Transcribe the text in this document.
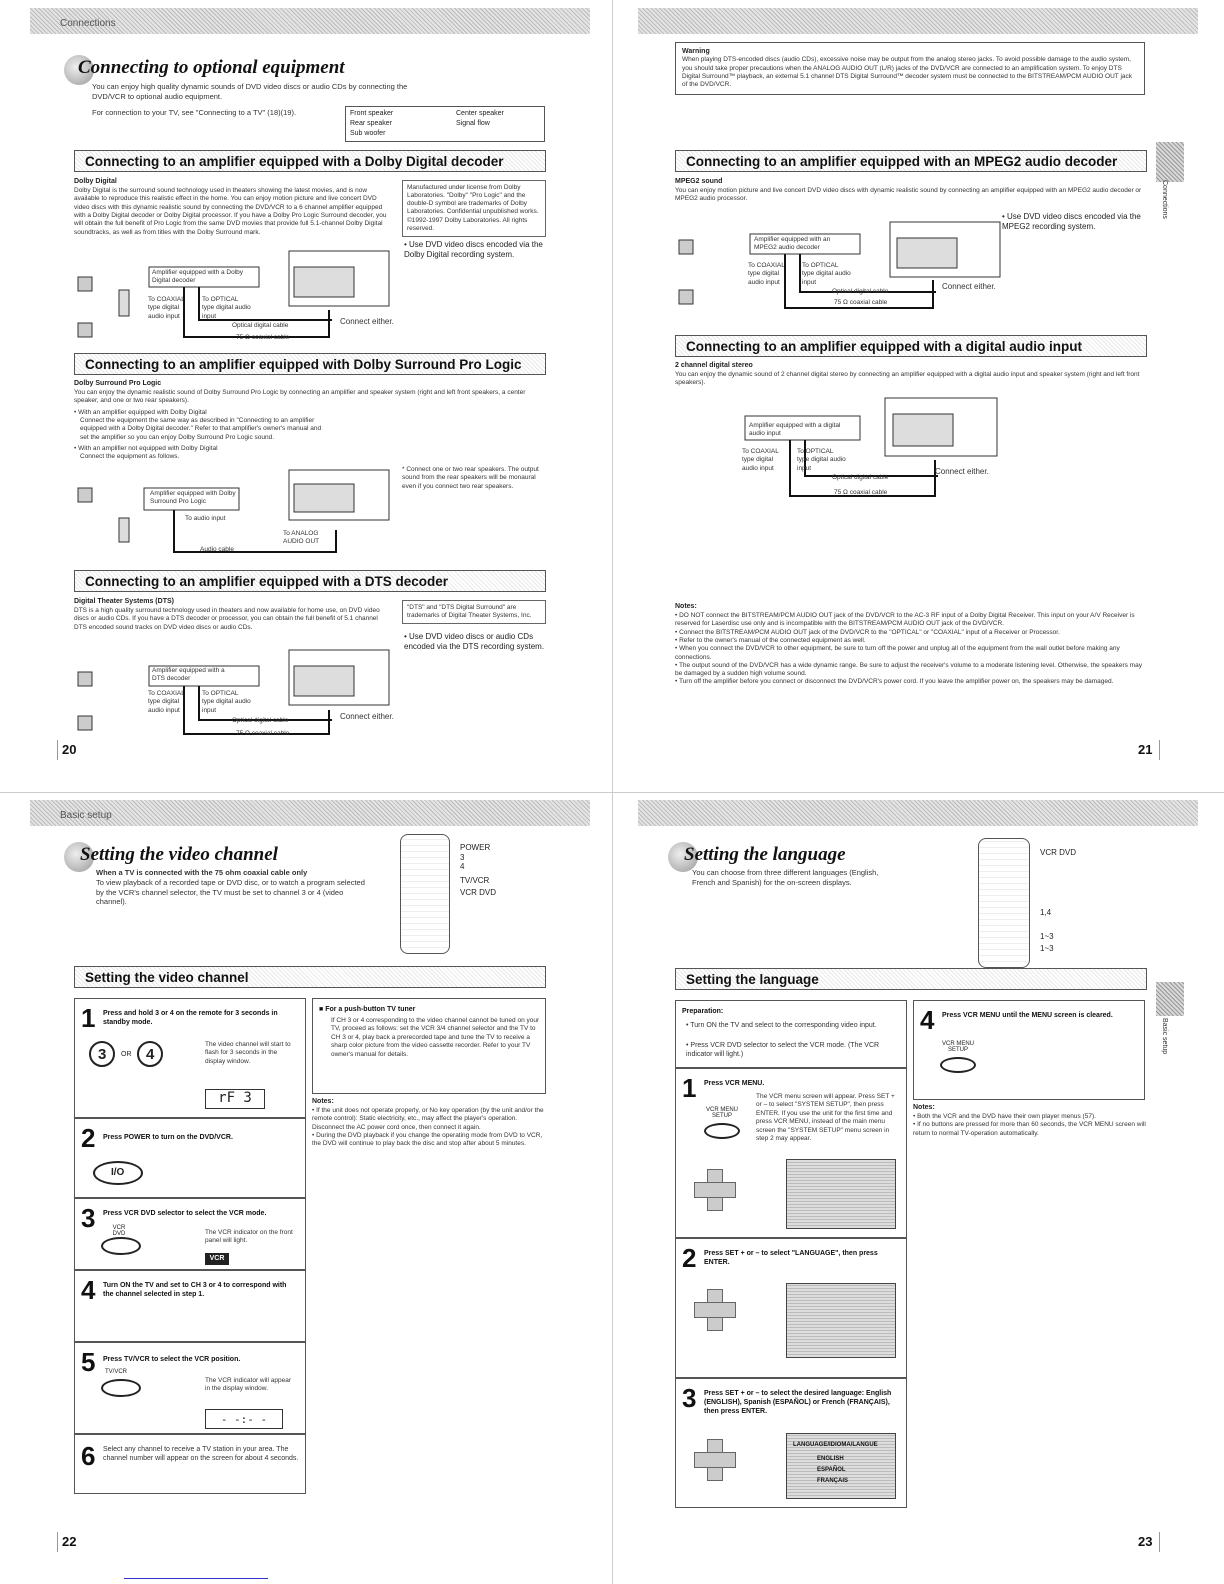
Connections
Connecting to optional equipment
You can enjoy high quality dynamic sounds of DVD video discs or audio CDs by connecting the DVD/VCR to optional audio equipment.
For connection to your TV, see "Connecting to a TV" (18)(19).	Front speaker
Rear speaker
Sub woofer
Center speaker
Signal flow
Connecting to an amplifier equipped with a Dolby Digital decoder
Dolby Digital
Dolby Digital is the surround sound technology used in theaters showing the latest movies, and is now available to reproduce this realistic effect in the home. You can enjoy motion picture and live concert DVD video discs with this dynamic realistic sound by connecting the DVD/VCR to a 6 channel amplifier equipped with a Dolby Digital decoder or Dolby Digital processor. If you have a Dolby Pro Logic Surround decoder, you will obtain the full benefit of Pro Logic from the same DVD movies that provide full 5.1-channel Dolby Digital soundtracks, as well as from titles with the Dolby Surround mark.
Manufactured under license from Dolby Laboratories. "Dolby" "Pro Logic" and the double-D symbol are trademarks of Dolby Laboratories. Confidential unpublished works. ©1992-1997 Dolby Laboratories. All rights reserved.
• Use DVD video discs encoded via the Dolby Digital recording system.
Amplifier equipped with a Dolby Digital decoder
To COAXIAL type digital audio input
To OPTICAL type digital audio input
Optical digital cable
75 Ω coaxial cable
Connect either.
Connecting to an amplifier equipped with Dolby Surround Pro Logic
Dolby Surround Pro Logic
You can enjoy the dynamic realistic sound of Dolby Surround Pro Logic by connecting an amplifier and speaker system (right and left front speakers, a center speaker, and one or two rear speakers).
• With an amplifier equipped with Dolby Digital
Connect the equipment the same way as described in "Connecting to an amplifier equipped with a Dolby Digital decoder." Refer to that amplifier's owner's manual and set the amplifier so you can enjoy Dolby Surround Pro Logic sound.
• With an amplifier not equipped with Dolby Digital
Connect the equipment as follows.
* Connect one or two rear speakers. The output sound from the rear speakers will be monaural even if you connect two rear speakers.
Amplifier equipped with Dolby Surround Pro Logic
To audio input
To ANALOG AUDIO OUT
Audio cable
Connecting to an amplifier equipped with a DTS decoder
Digital Theater Systems (DTS)
DTS is a high quality surround technology used in theaters and now available for home use, on DVD video discs or audio CDs. If you have a DTS decoder or processor, you can obtain the full benefit of 5.1 channel DTS encoded sound tracks on DVD video discs or audio CDs.
"DTS" and "DTS Digital Surround" are trademarks of Digital Theater Systems, Inc.
• Use DVD video discs or audio CDs encoded via the DTS recording system.
Amplifier equipped with a DTS decoder
To COAXIAL type digital audio input
To OPTICAL type digital audio input
Optical digital cable
75 Ω coaxial cable
Connect either.
20
Warning
When playing DTS-encoded discs (audio CDs), excessive noise may be output from the analog stereo jacks. To avoid possible damage to the audio system, you should take proper precautions when the ANALOG AUDIO OUT (L/R) jacks of the DVD/VCR are connected to an amplification system. To enjoy DTS Digital Surround™ playback, an external 5.1 channel DTS Digital Surround™ decoder system must be connected to the BITSTREAM/PCM AUDIO OUT jack of the DVD/VCR.
Connections
Connecting to an amplifier equipped with an MPEG2 audio decoder
MPEG2 sound
You can enjoy motion picture and live concert DVD video discs with dynamic realistic sound by connecting an amplifier equipped with an MPEG2 audio decoder or MPEG2 audio processor.
• Use DVD video discs encoded via the MPEG2 recording system.
Amplifier equipped with an MPEG2 audio decoder
To COAXIAL type digital audio input
To OPTICAL type digital audio input
Optical digital cable
75 Ω coaxial cable
Connect either.
Connecting to an amplifier equipped with a digital audio input
2 channel digital stereo
You can enjoy the dynamic sound of 2 channel digital stereo by connecting an amplifier equipped with a digital audio input and speaker system (right and left front speakers).
Amplifier equipped with a digital audio input
To COAXIAL type digital audio input
To OPTICAL type digital audio input
Optical digital cable
75 Ω coaxial cable
Connect either.
Notes:
• DO NOT connect the BITSTREAM/PCM AUDIO OUT jack of the DVD/VCR to the AC-3 RF input of a Dolby Digital Receiver. This input on your A/V Receiver is reserved for Laserdisc use only and is incompatible with the BITSTREAM/PCM AUDIO OUT jack of the DVD/VCR.
• Connect the BITSTREAM/PCM AUDIO OUT jack of the DVD/VCR to the "OPTICAL" or "COAXIAL" input of a Receiver or Processor.
• Refer to the owner's manual of the connected equipment as well.
• When you connect the DVD/VCR to other equipment, be sure to turn off the power and unplug all of the equipment from the wall outlet before making any connections.
• The output sound of the DVD/VCR has a wide dynamic range. Be sure to adjust the receiver's volume to a moderate listening level. Otherwise, the speakers may be damaged by a sudden high volume sound.
• Turn off the amplifier before you connect or disconnect the DVD/VCR's power cord. If you leave the amplifier power on, the speakers may be damaged.
21
Basic setup
Setting the video channel
When a TV is connected with the 75 ohm coaxial cable only
To view playback of a recorded tape or DVD disc, or to watch a program selected by the VCR's channel selector, the TV must be set to channel 3 or 4 (video channel).
POWER
3
4
TV/VCR
VCR DVD
Setting the video channel
1 Press and hold 3 or 4 on the remote for 3 seconds in standby mode.
3 OR 4
The video channel will start to flash for 3 seconds in the display window.
rF 3
2 Press POWER to turn on the DVD/VCR.
I/O
3 Press VCR DVD selector to select the VCR mode.
VCR DVD	The VCR indicator on the front panel will light.
VCR
4 Turn ON the TV and set to CH 3 or 4 to correspond with the channel selected in step 1.
5 Press TV/VCR to select the VCR position.
TV/VCR
The VCR indicator will appear in the display window.
- -:- -
6 Select any channel to receive a TV station in your area. The channel number will appear on the screen for about 4 seconds.
■ For a push-button TV tuner
If CH 3 or 4 corresponding to the video channel cannot be tuned on your TV, proceed as follows: set the VCR 3/4 channel selector and the TV to CH 3 or 4, play back a prerecorded tape and tune the TV to receive a sharp color picture from the video cassette recorder. Refer to your TV owner's manual for details.
Notes:
• If the unit does not operate properly, or No key operation (by the unit and/or the remote control): Static electricity, etc., may affect the player's operation. Disconnect the AC power cord once, then connect it again.
• During the DVD playback if you change the operating mode from DVD to VCR, the DVD will continue to play back the disc and stop after about 5 minutes.
22
Setting the language
You can choose from three different languages (English, French and Spanish) for the on-screen displays.
VCR DVD
1,4
1~3
1~3
Setting the language
Basic setup
Preparation:
• Turn ON the TV and select to the corresponding video input.
• Press VCR DVD selector to select the VCR mode. (The VCR indicator will light.)
1 Press VCR MENU.
VCR MENU SETUP
The VCR menu screen will appear. Press SET + or – to select "SYSTEM SETUP", then press ENTER. If you use the unit for the first time and press VCR MENU, instead of the main menu screen the "SYSTEM SETUP" menu screen in step 2 may appear.
2 Press SET + or – to select "LANGUAGE", then press ENTER.
3 Press SET + or – to select the desired language: English (ENGLISH), Spanish (ESPAÑOL) or French (FRANÇAIS), then press ENTER.
LANGUAGE/IDIOMA/LANGUE
ENGLISH
ESPAÑOL
FRANÇAIS
4 Press VCR MENU until the MENU screen is cleared.
VCR MENU SETUP
Notes:
• Both the VCR and the DVD have their own player menus (57).
• If no buttons are pressed for more than 60 seconds, the VCR MENU screen will return to normal TV-operation automatically.
23
